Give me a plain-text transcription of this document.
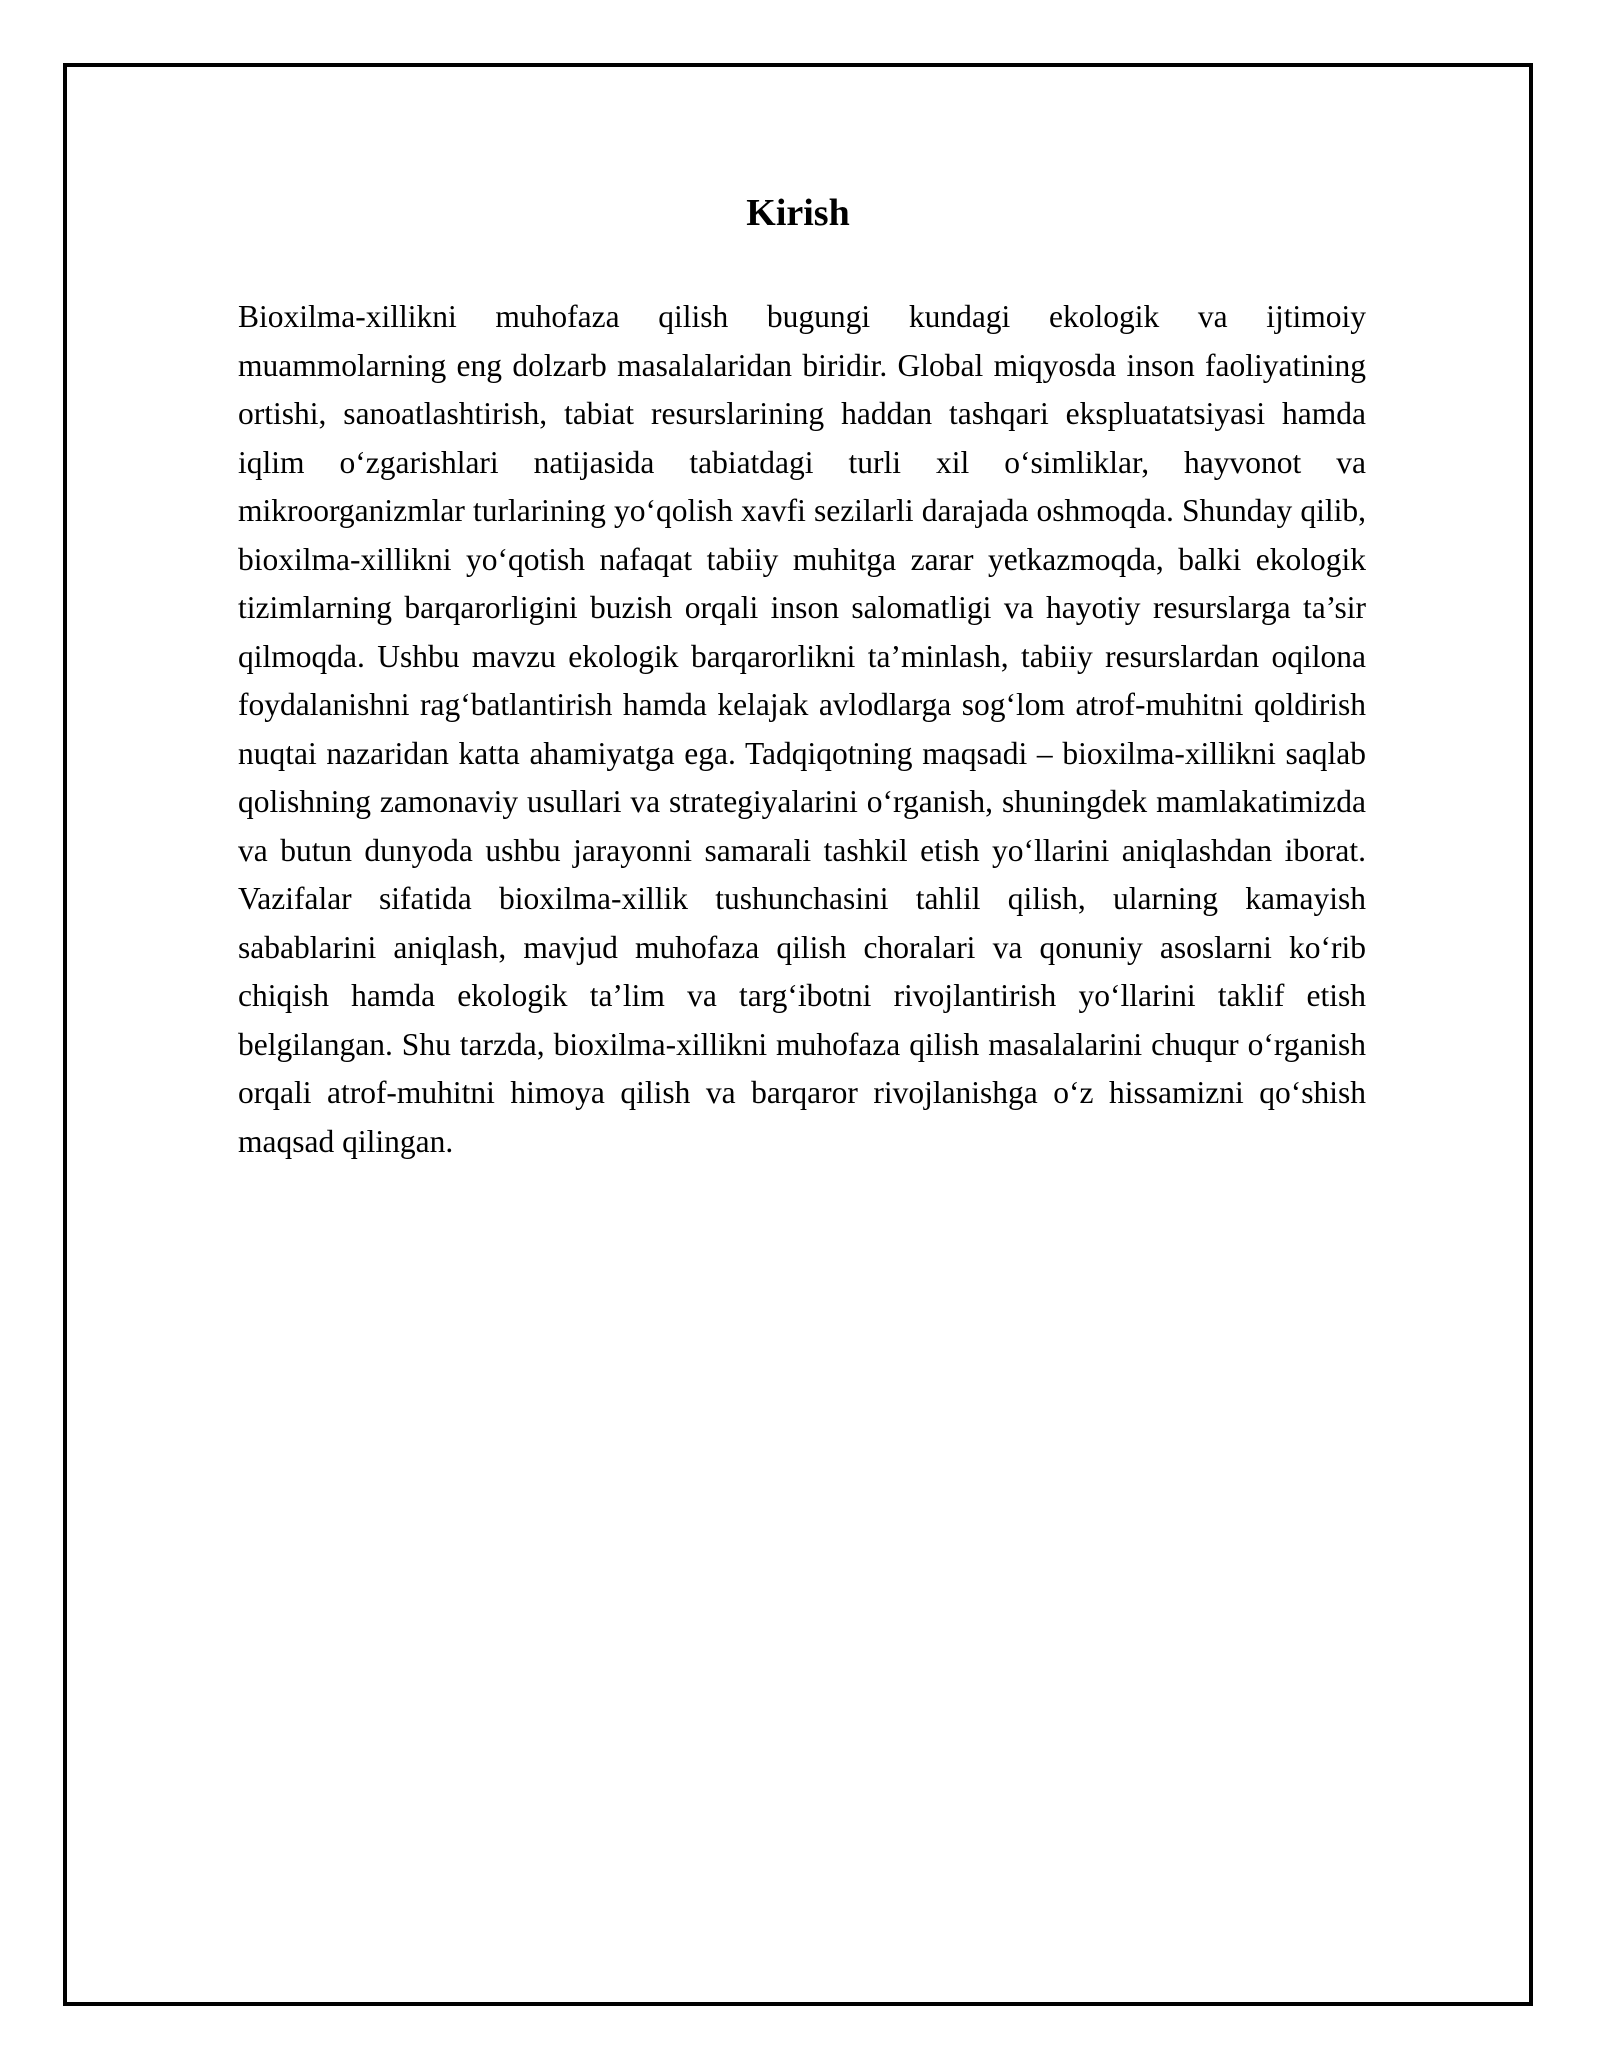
Kirish

Bioxilma-xillikni muhofaza qilish bugungi kundagi ekologik va ijtimoiy muammolarning eng dolzarb masalalaridan biridir. Global miqyosda inson faoliyatining ortishi, sanoatlashtirish, tabiat resurslarining haddan tashqari ekspluatatsiyasi hamda iqlim o‘zgarishlari natijasida tabiatdagi turli xil o‘simliklar, hayvonot va mikroorganizmlar turlarining yo‘qolish xavfi sezilarli darajada oshmoqda. Shunday qilib, bioxilma-xillikni yo‘qotish nafaqat tabiiy muhitga zarar yetkazmoqda, balki ekologik tizimlarning barqarorligini buzish orqali inson salomatligi va hayotiy resurslarga ta’sir qilmoqda. Ushbu mavzu ekologik barqarorlikni ta’minlash, tabiiy resurslardan oqilona foydalanishni rag‘batlantirish hamda kelajak avlodlarga sog‘lom atrof-muhitni qoldirish nuqtai nazaridan katta ahamiyatga ega. Tadqiqotning maqsadi – bioxilma-xillikni saqlab qolishning zamonaviy usullari va strategiyalarini o‘rganish, shuningdek mamlakatimizda va butun dunyoda ushbu jarayonni samarali tashkil etish yo‘llarini aniqlashdan iborat. Vazifalar sifatida bioxilma-xillik tushunchasini tahlil qilish, ularning kamayish sabablarini aniqlash, mavjud muhofaza qilish choralari va qonuniy asoslarni ko‘rib chiqish hamda ekologik ta’lim va targ‘ibotni rivojlantirish yo‘llarini taklif etish belgilangan. Shu tarzda, bioxilma-xillikni muhofaza qilish masalalarini chuqur o‘rganish orqali atrof-muhitni himoya qilish va barqaror rivojlanishga o‘z hissamizni qo‘shish maqsad qilingan.
